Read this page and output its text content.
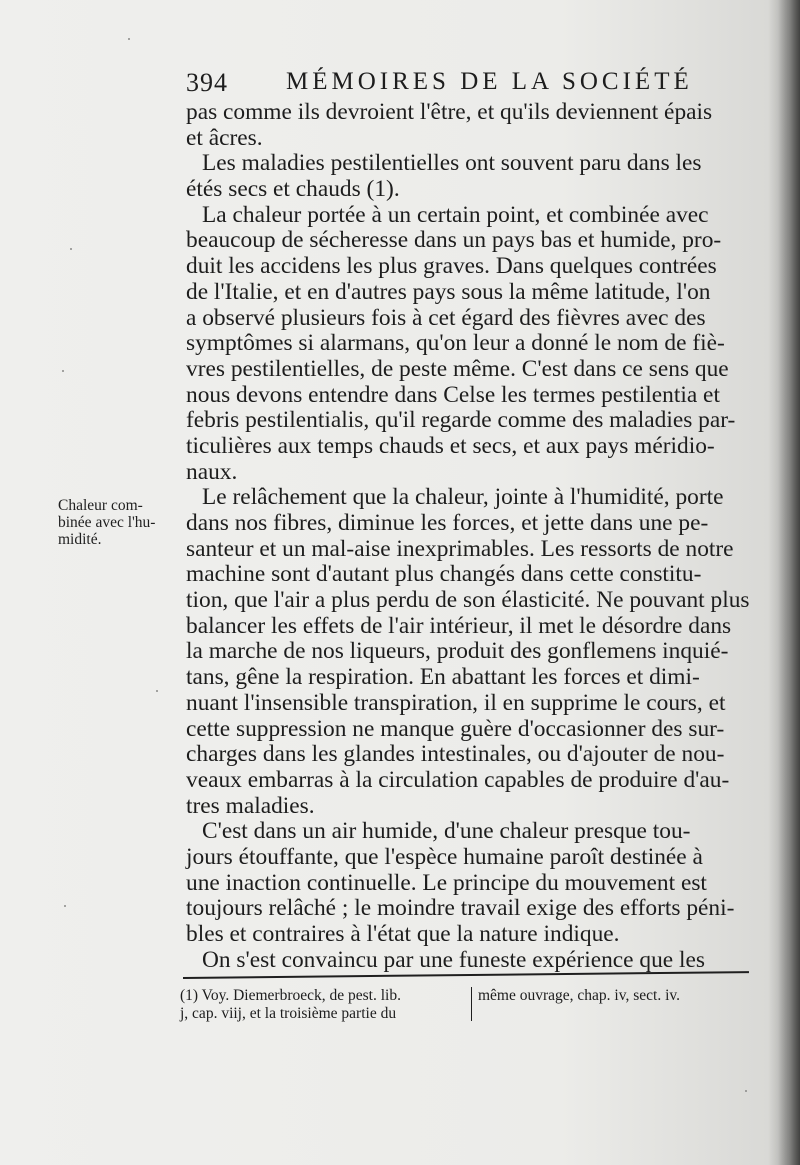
394 MÉMOIRES DE LA SOCIÉTÉ
pas comme ils devroient l'être, et qu'ils deviennent épais
et âcres.
Les maladies pestilentielles ont souvent paru dans les
étés secs et chauds (1).
La chaleur portée à un certain point, et combinée avec
beaucoup de sécheresse dans un pays bas et humide, pro-
duit les accidens les plus graves. Dans quelques contrées
de l'Italie, et en d'autres pays sous la même latitude, l'on
a observé plusieurs fois à cet égard des fièvres avec des
symptômes si alarmans, qu'on leur a donné le nom de fiè-
vres pestilentielles, de peste même. C'est dans ce sens que
nous devons entendre dans Celse les termes pestilentia et
febris pestilentialis, qu'il regarde comme des maladies par-
ticulières aux temps chauds et secs, et aux pays méridio-
naux.
Le relâchement que la chaleur, jointe à l'humidité, porte
dans nos fibres, diminue les forces, et jette dans une pe-
santeur et un mal-aise inexprimables. Les ressorts de notre
machine sont d'autant plus changés dans cette constitu-
tion, que l'air a plus perdu de son élasticité. Ne pouvant plus
balancer les effets de l'air intérieur, il met le désordre dans
la marche de nos liqueurs, produit des gonflemens inquié-
tans, gêne la respiration. En abattant les forces et dimi-
nuant l'insensible transpiration, il en supprime le cours, et
cette suppression ne manque guère d'occasionner des sur-
charges dans les glandes intestinales, ou d'ajouter de nou-
veaux embarras à la circulation capables de produire d'au-
tres maladies.
C'est dans un air humide, d'une chaleur presque tou-
jours étouffante, que l'espèce humaine paroît destinée à
une inaction continuelle. Le principe du mouvement est
toujours relâché ; le moindre travail exige des efforts péni-
bles et contraires à l'état que la nature indique.
On s'est convaincu par une funeste expérience que les
Chaleur com-
binée avec l'hu-
midité.
(1) Voy. Diemerbroeck, de pest. lib.
j, cap. viij, et la troisième partie du
même ouvrage, chap. iv, sect. iv.
